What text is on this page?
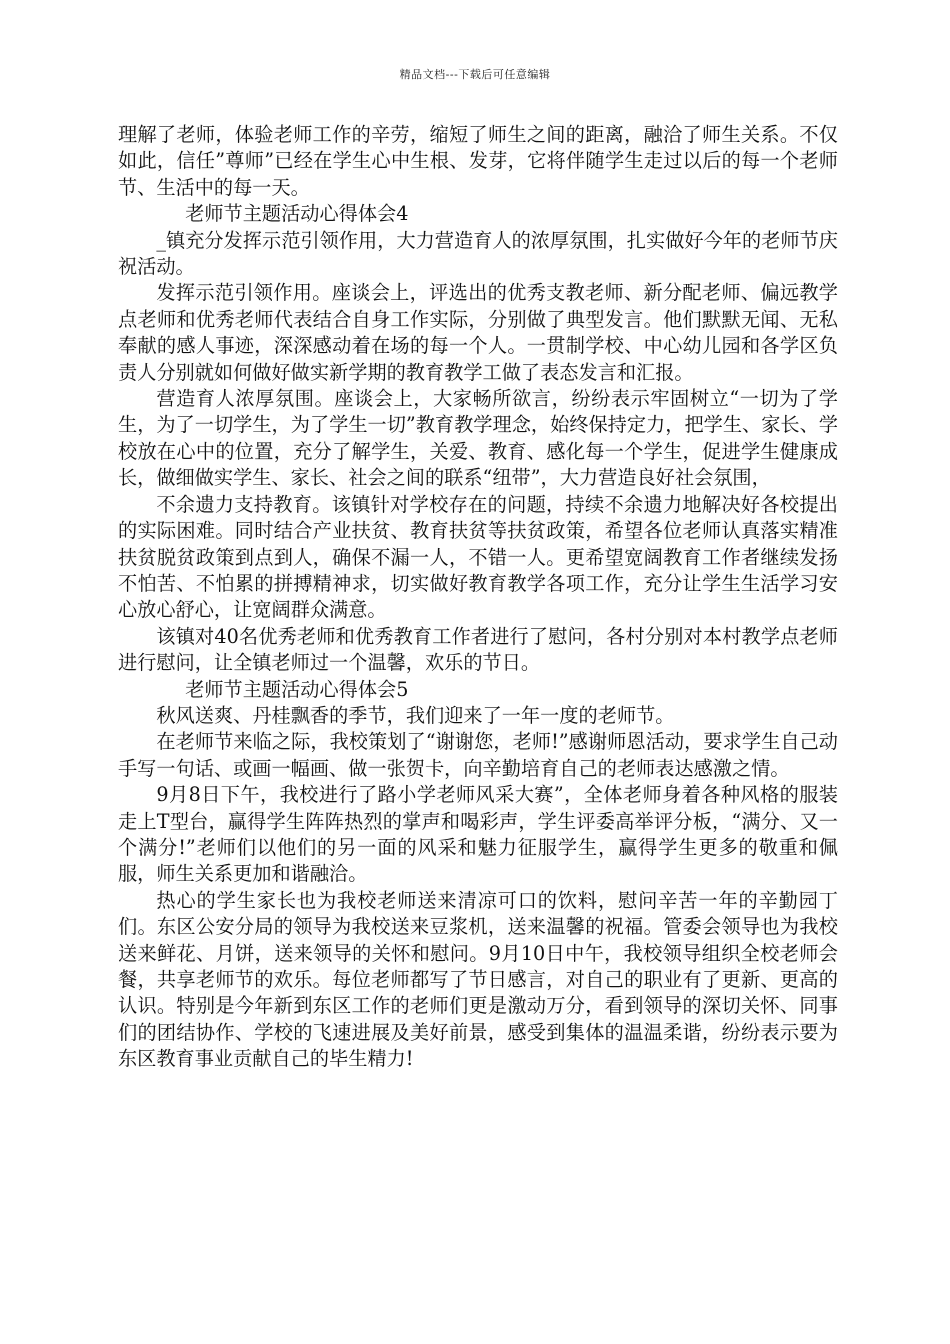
精品文档---下载后可任意编辑

理解了老师，体验老师工作的辛劳，缩短了师生之间的距离，融洽了师生关系。不仅如此，信任”尊师”已经在学生心中生根、发芽，它将伴随学生走过以后的每一个老师节、生活中的每一天。

老师节主题活动心得体会4

_镇充分发挥示范引领作用，大力营造育人的浓厚氛围，扎实做好今年的老师节庆祝活动。

发挥示范引领作用。座谈会上，评选出的优秀支教老师、新分配老师、偏远教学点老师和优秀老师代表结合自身工作实际，分别做了典型发言。他们默默无闻、无私奉献的感人事迹，深深感动着在场的每一个人。一贯制学校、中心幼儿园和各学区负责人分别就如何做好做实新学期的教育教学工做了表态发言和汇报。

营造育人浓厚氛围。座谈会上，大家畅所欲言，纷纷表示牢固树立“一切为了学生，为了一切学生，为了学生一切”教育教学理念，始终保持定力，把学生、家长、学校放在心中的位置，充分了解学生，关爱、教育、感化每一个学生，促进学生健康成长，做细做实学生、家长、社会之间的联系“纽带”，大力营造良好社会氛围，

不余遗力支持教育。该镇针对学校存在的问题，持续不余遗力地解决好各校提出的实际困难。同时结合产业扶贫、教育扶贫等扶贫政策，希望各位老师认真落实精准扶贫脱贫政策到点到人，确保不漏一人，不错一人。更希望宽阔教育工作者继续发扬不怕苦、不怕累的拼搏精神求，切实做好教育教学各项工作，充分让学生生活学习安心放心舒心，让宽阔群众满意。

该镇对40名优秀老师和优秀教育工作者进行了慰问，各村分别对本村教学点老师进行慰问，让全镇老师过一个温馨，欢乐的节日。

老师节主题活动心得体会5

秋风送爽、丹桂飘香的季节，我们迎来了一年一度的老师节。

在老师节来临之际，我校策划了“谢谢您，老师!”感谢师恩活动，要求学生自己动手写一句话、或画一幅画、做一张贺卡，向辛勤培育自己的老师表达感激之情。

9月8日下午，我校进行了路小学老师风采大赛”，全体老师身着各种风格的服装走上T型台，赢得学生阵阵热烈的掌声和喝彩声，学生评委高举评分板，“满分、又一个满分!”老师们以他们的另一面的风采和魅力征服学生，赢得学生更多的敬重和佩服，师生关系更加和谐融洽。

热心的学生家长也为我校老师送来清凉可口的饮料，慰问辛苦一年的辛勤园丁们。东区公安分局的领导为我校送来豆浆机，送来温馨的祝福。管委会领导也为我校送来鲜花、月饼，送来领导的关怀和慰问。9月10日中午，我校领导组织全校老师会餐，共享老师节的欢乐。每位老师都写了节日感言，对自己的职业有了更新、更高的认识。特别是今年新到东区工作的老师们更是激动万分，看到领导的深切关怀、同事们的团结协作、学校的飞速进展及美好前景，感受到集体的温温柔谐，纷纷表示要为东区教育事业贡献自己的毕生精力!
